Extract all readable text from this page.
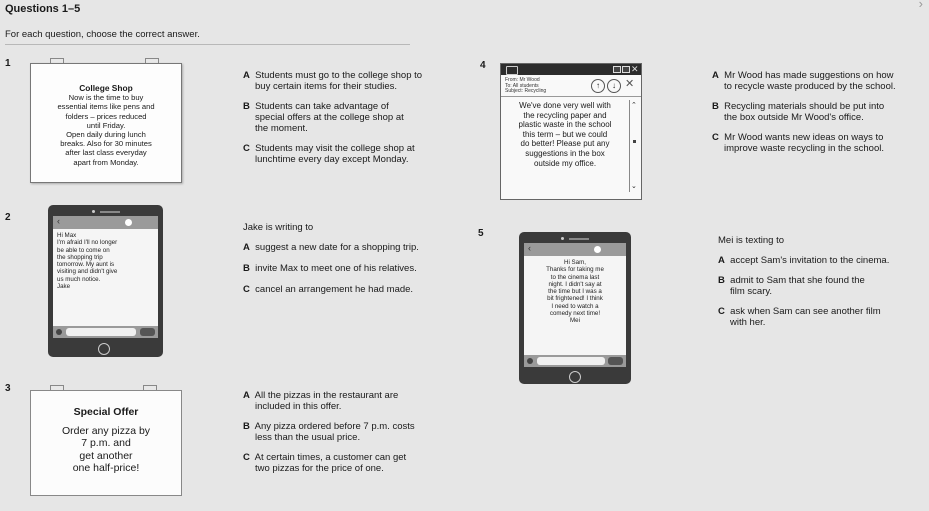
Questions 1–5	›
For each question, choose the correct answer.
1
College Shop
Now is the time to buy
essential items like pens and
folders – prices reduced
until Friday.
Open daily during lunch
breaks. Also for 30 minutes
after last class everyday
apart from Monday.
A Students must go to the college shop to
buy certain items for their studies.
B Students can take advantage of
special offers at the college shop at
the moment.
C Students may visit the college shop at
lunchtime every day except Monday.
4	✕
From: Mr Wood
To: All students
Subject: Recycling
↑	↓ ✕
We've done very well with
the recycling paper and
plastic waste in the school
this term – but we could
do better! Please put any
suggestions in the box
outside my office.
⌃
⌄
A Mr Wood has made suggestions on how
to recycle waste produced by the school.
B Recycling materials should be put into
the box outside Mr Wood's office.
C Mr Wood wants new ideas on ways to
improve waste recycling in the school.
2	‹
Hi Max
I'm afraid I'll no longer
be able to come on
the shopping trip
tomorrow. My aunt is
visiting and didn't give
us much notice.
Jake
Jake is writing to
A suggest a new date for a shopping trip.
B invite Max to meet one of his relatives.
C cancel an arrangement he had made.
5
‹
Hi Sam,
Thanks for taking me
to the cinema last
night. I didn't say at
the time but I was a
bit frightened! I think
I need to watch a
comedy next time!
Mei
Mei is texting to
A accept Sam's invitation to the cinema.
B admit to Sam that she found the
film scary.
C ask when Sam can see another film
with her.
3
Special Offer
Order any pizza by
7 p.m. and
get another
one half-price!
A All the pizzas in the restaurant are
included in this offer.
B Any pizza ordered before 7 p.m. costs
less than the usual price.
C At certain times, a customer can get
two pizzas for the price of one.
